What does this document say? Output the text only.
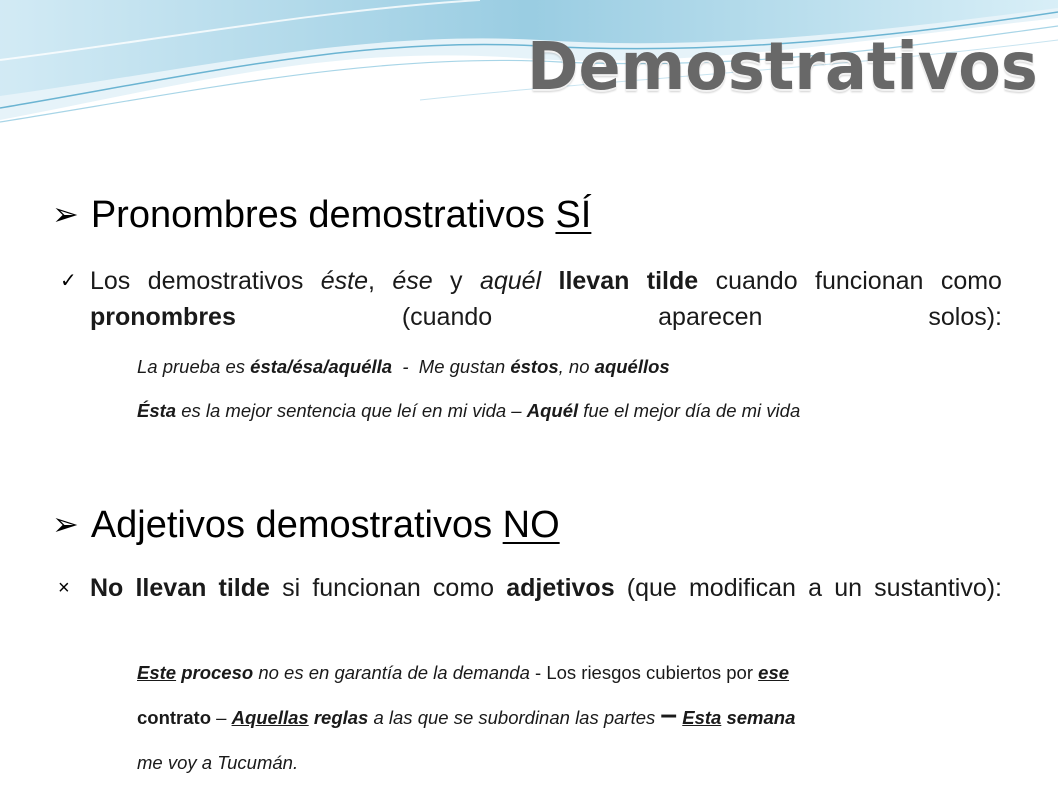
Demostrativos
➢ Pronombres demostrativos SÍ
✓ Los demostrativos éste, ése y aquél llevan tilde cuando funcionan como pronombres (cuando aparecen solos):
La prueba es ésta/ésa/aquélla  -  Me gustan éstos, no aquéllos
Ésta es la mejor sentencia que leí en mi vida – Aquél fue el mejor día de mi vida
➢ Adjetivos demostrativos NO
× No llevan tilde si funcionan como adjetivos (que modifican a un sustantivo):
Este proceso no es en garantía de la demanda - Los riesgos cubiertos por ese
contrato – Aquellas reglas a las que se subordinan las partes – Esta semana
me voy a Tucumán.
